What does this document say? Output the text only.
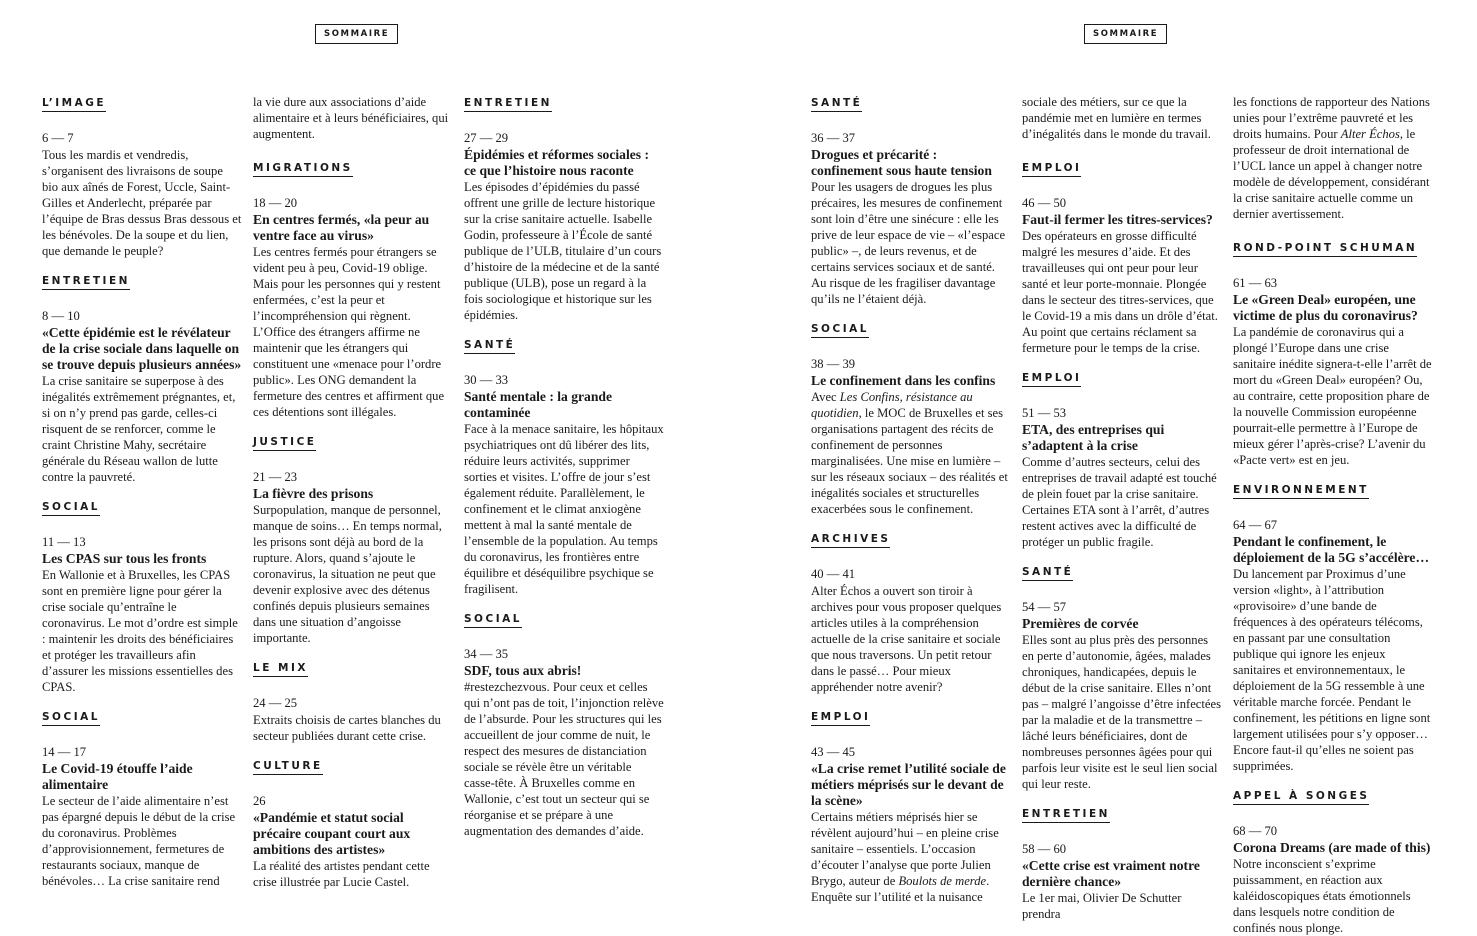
SOMMAIRE	SOMMAIRE
L’IMAGE
6 — 7
Tous les mardis et vendredis, s’organisent des livraisons de soupe bio aux aînés de Forest, Uccle, Saint-Gilles et Anderlecht, préparée par l’équipe de Bras dessus Bras dessous et les bénévoles. De la soupe et du lien, que demande le peuple?
ENTRETIEN
8 — 10
«Cette épidémie est le révélateur de la crise sociale dans laquelle on se trouve depuis plusieurs années»
La crise sanitaire se superpose à des inégalités extrêmement prégnantes, et, si on n’y prend pas garde, celles-ci risquent de se renforcer, comme le craint Christine Mahy, secrétaire générale du Réseau wallon de lutte contre la pauvreté.
SOCIAL
11 — 13
Les CPAS sur tous les fronts
En Wallonie et à Bruxelles, les CPAS sont en première ligne pour gérer la crise sociale qu’entraîne le coronavirus. Le mot d’ordre est simple : maintenir les droits des bénéficiaires et protéger les travailleurs afin d’assurer les missions essentielles des CPAS.
SOCIAL
14 — 17
Le Covid-19 étouffe l’aide alimentaire
Le secteur de l’aide alimentaire n’est pas épargné depuis le début de la crise du coronavirus. Problèmes d’approvisionnement, fermetures de restaurants sociaux, manque de bénévoles… La crise sanitaire rend
la vie dure aux associations d’aide alimentaire et à leurs bénéficiaires, qui augmentent.
MIGRATIONS
18 — 20
En centres fermés, «la peur au ventre face au virus»
Les centres fermés pour étrangers se vident peu à peu, Covid-19 oblige. Mais pour les personnes qui y restent enfermées, c’est la peur et l’incompréhension qui règnent. L’Office des étrangers affirme ne maintenir que les étrangers qui constituent une «menace pour l’ordre public». Les ONG demandent la fermeture des centres et affirment que ces détentions sont illégales.
JUSTICE
21 — 23
La fièvre des prisons
Surpopulation, manque de personnel, manque de soins… En temps normal, les prisons sont déjà au bord de la rupture. Alors, quand s’ajoute le coronavirus, la situation ne peut que devenir explosive avec des détenus confinés depuis plusieurs semaines dans une situation d’angoisse importante.
LE MIX
24 — 25
Extraits choisis de cartes blanches du secteur publiées durant cette crise.
CULTURE
26
«Pandémie et statut social précaire coupant court aux ambitions des artistes»
La réalité des artistes pendant cette crise illustrée par Lucie Castel.
ENTRETIEN
27 — 29
Épidémies et réformes sociales : ce que l’histoire nous raconte
Les épisodes d’épidémies du passé offrent une grille de lecture historique sur la crise sanitaire actuelle. Isabelle Godin, professeure à l’École de santé publique de l’ULB, titulaire d’un cours d’histoire de la médecine et de la santé publique (ULB), pose un regard à la fois sociologique et historique sur les épidémies.
SANTÉ
30 — 33
Santé mentale : la grande contaminée
Face à la menace sanitaire, les hôpitaux psychiatriques ont dû libérer des lits, réduire leurs activités, supprimer sorties et visites. L’offre de jour s’est également réduite. Parallèlement, le confinement et le climat anxiogène mettent à mal la santé mentale de l’ensemble de la population. Au temps du coronavirus, les frontières entre équilibre et déséquilibre psychique se fragilisent.
SOCIAL
34 — 35
SDF, tous aux abris!
#restezchezvous. Pour ceux et celles qui n’ont pas de toit, l’injonction relève de l’absurde. Pour les structures qui les accueillent de jour comme de nuit, le respect des mesures de distanciation sociale se révèle être un véritable casse-tête. À Bruxelles comme en Wallonie, c’est tout un secteur qui se réorganise et se prépare à une augmentation des demandes d’aide.
SANTÉ
36 — 37
Drogues et précarité : confinement sous haute tension
Pour les usagers de drogues les plus précaires, les mesures de confinement sont loin d’être une sinécure : elle les prive de leur espace de vie – «l’espace public» –, de leurs revenus, et de certains services sociaux et de santé. Au risque de les fragiliser davantage qu’ils ne l’étaient déjà.
SOCIAL
38 — 39
Le confinement dans les confins
Avec Les Confins, résistance au quotidien, le MOC de Bruxelles et ses organisations partagent des récits de confinement de personnes marginalisées. Une mise en lumière – sur les réseaux sociaux – des réalités et inégalités sociales et structurelles exacerbées sous le confinement.
ARCHIVES
40 — 41
Alter Échos a ouvert son tiroir à archives pour vous proposer quelques articles utiles à la compréhension actuelle de la crise sanitaire et sociale que nous traversons. Un petit retour dans le passé… Pour mieux appréhender notre avenir?
EMPLOI
43 — 45
«La crise remet l’utilité sociale de métiers méprisés sur le devant de la scène»
Certains métiers méprisés hier se révèlent aujourd’hui – en pleine crise sanitaire – essentiels. L’occasion d’écouter l’analyse que porte Julien Brygo, auteur de Boulots de merde. Enquête sur l’utilité et la nuisance
sociale des métiers, sur ce que la pandémie met en lumière en termes d’inégalités dans le monde du travail.
EMPLOI
46 — 50
Faut-il fermer les titres-services?
Des opérateurs en grosse difficulté malgré les mesures d’aide. Et des travailleuses qui ont peur pour leur santé et leur porte-monnaie. Plongée dans le secteur des titres-services, que le Covid-19 a mis dans un drôle d’état. Au point que certains réclament sa fermeture pour le temps de la crise.
EMPLOI
51 — 53
ETA, des entreprises qui s’adaptent à la crise
Comme d’autres secteurs, celui des entreprises de travail adapté est touché de plein fouet par la crise sanitaire. Certaines ETA sont à l’arrêt, d’autres restent actives avec la difficulté de protéger un public fragile.
SANTÉ
54 — 57
Premières de corvée
Elles sont au plus près des personnes en perte d’autonomie, âgées, malades chroniques, handicapées, depuis le début de la crise sanitaire. Elles n’ont pas – malgré l’angoisse d’être infectées par la maladie et de la transmettre – lâché leurs bénéficiaires, dont de nombreuses personnes âgées pour qui parfois leur visite est le seul lien social qui leur reste.
ENTRETIEN
58 — 60
«Cette crise est vraiment notre dernière chance»
Le 1er mai, Olivier De Schutter prendra
les fonctions de rapporteur des Nations unies pour l’extrême pauvreté et les droits humains. Pour Alter Échos, le professeur de droit international de l’UCL lance un appel à changer notre modèle de développement, considérant la crise sanitaire actuelle comme un dernier avertissement.
ROND-POINT SCHUMAN
61 — 63
Le «Green Deal» européen, une victime de plus du coronavirus?
La pandémie de coronavirus qui a plongé l’Europe dans une crise sanitaire inédite signera-t-elle l’arrêt de mort du «Green Deal» européen? Ou, au contraire, cette proposition phare de la nouvelle Commission européenne pourrait-elle permettre à l’Europe de mieux gérer l’après-crise? L’avenir du «Pacte vert» est en jeu.
ENVIRONNEMENT
64 — 67
Pendant le confinement, le déploiement de la 5G s’accélère…
Du lancement par Proximus d’une version «light», à l’attribution «provisoire» d’une bande de fréquences à des opérateurs télécoms, en passant par une consultation publique qui ignore les enjeux sanitaires et environnementaux, le déploiement de la 5G ressemble à une véritable marche forcée. Pendant le confinement, les pétitions en ligne sont largement utilisées pour s’y opposer… Encore faut-il qu’elles ne soient pas supprimées.
APPEL À SONGES
68 — 70
Corona Dreams (are made of this)
Notre inconscient s’exprime puissamment, en réaction aux kaléidoscopiques états émotionnels dans lesquels notre condition de confinés nous plonge.
